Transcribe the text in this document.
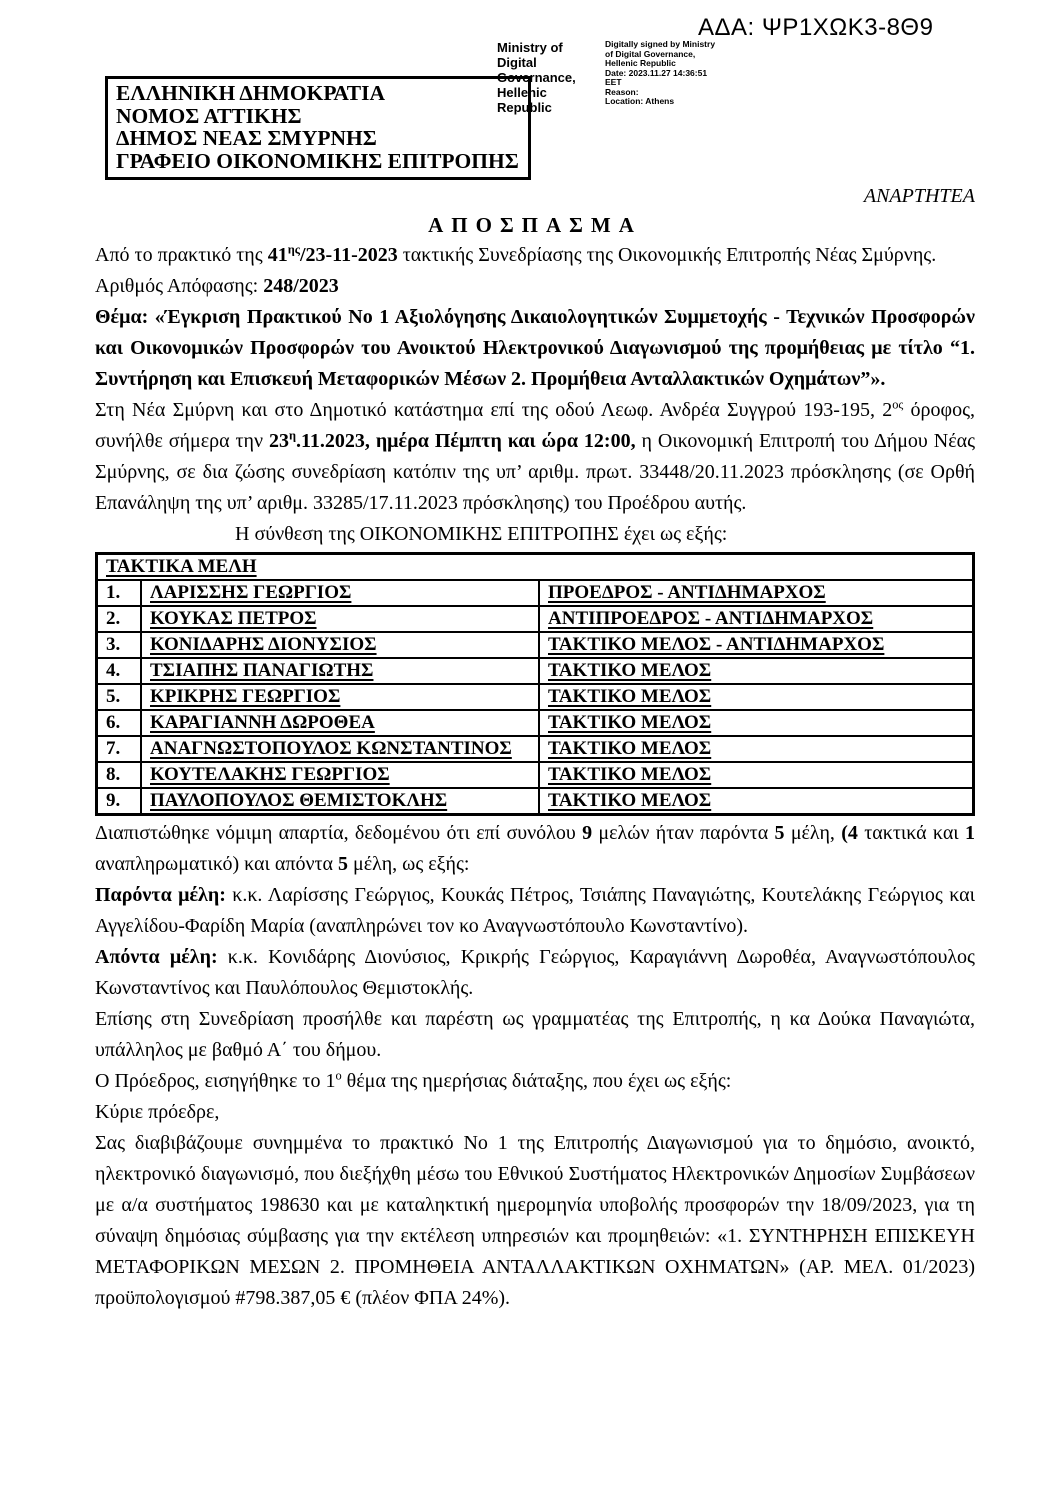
ΑΔΑ: ΨΡ1ΧΩΚ3-8Θ9
Ministry of Digital
Governance,
Hellenic Republic
Digitally signed by Ministry
of Digital Governance,
Hellenic Republic
Date: 2023.11.27 14:36:51
EET
Reason:
Location: Athens
ΕΛΛΗΝΙΚΗ ΔΗΜΟΚΡΑΤΙΑ
ΝΟΜΟΣ ΑΤΤΙΚΗΣ
ΔΗΜΟΣ ΝΕΑΣ ΣΜΥΡΝΗΣ
ΓΡΑΦΕΙΟ ΟΙΚΟΝΟΜΙΚΗΣ ΕΠΙΤΡΟΠΗΣ
ΑΝΑΡΤΗΤΕΑ
ΑΠΟΣΠΑΣΜΑ

Από το πρακτικό της $41^{\eta\varsigma}/23-11-2023$ τακτικής Συνεδρίασης της Οικονομικής Επιτροπής Νέας Σμύρνης.

Αριθμός Απόφασης: 248/2023

Θέμα: «Έγκριση Πρακτικού Νο 1 Αξιολόγησης Δικαιολογητικών Συμμετοχής - Τεχνικών Προσφορών και Οικονομικών Προσφορών του Ανοικτού Ηλεκτρονικού Διαγωνισμού της προμήθειας με τίτλο “1. Συντήρηση και Επισκευή Μεταφορικών Μέσων 2. Προμήθεια Ανταλλακτικών Οχημάτων”».

Στη Νέα Σμύρνη και στο Δημοτικό κατάστημα επί της οδού Λεωφ. Ανδρέα Συγγρού 193-195, $2^{o\varsigma}$ όροφος, συνήλθε σήμερα την $23^\eta.11.2023$, ημέρα Πέμπτη και ώρα 12:00, η Οικονομική Επιτροπή του Δήμου Νέας Σμύρνης, σε δια ζώσης συνεδρίαση κατόπιν της υπ’ αριθμ. πρωτ. 33448/20.11.2023 πρόσκλησης (σε Ορθή Επανάληψη της υπ’ αριθμ. 33285/17.11.2023 πρόσκλησης) του Προέδρου αυτής.

Η σύνθεση της ΟΙΚΟΝΟΜΙΚΗΣ ΕΠΙΤΡΟΠΗΣ έχει ως εξής:

ΤΑΚΤΙΚΑ ΜΕΛΗ		
1.	ΛΑΡΙΣΣΗΣ ΓΕΩΡΓΙΟΣ	ΠΡΟΕΔΡΟΣ - ΑΝΤΙΔΗΜΑΡΧΟΣ
2.	ΚΟΥΚΑΣ ΠΕΤΡΟΣ	ΑΝΤΙΠΡΟΕΔΡΟΣ - ΑΝΤΙΔΗΜΑΡΧΟΣ
3.	ΚΟΝΙΔΑΡΗΣ ΔΙΟΝΥΣΙΟΣ	ΤΑΚΤΙΚΟ ΜΕΛΟΣ - ΑΝΤΙΔΗΜΑΡΧΟΣ
4.	ΤΣΙΑΠΗΣ ΠΑΝΑΓΙΩΤΗΣ	ΤΑΚΤΙΚΟ ΜΕΛΟΣ
5.	ΚΡΙΚΡΗΣ ΓΕΩΡΓΙΟΣ	ΤΑΚΤΙΚΟ ΜΕΛΟΣ
6.	ΚΑΡΑΓΙΑΝΝΗ ΔΩΡΟΘΕΑ	ΤΑΚΤΙΚΟ ΜΕΛΟΣ
7.	ΑΝΑΓΝΩΣΤΟΠΟΥΛΟΣ ΚΩΝΣΤΑΝΤΙΝΟΣ	ΤΑΚΤΙΚΟ ΜΕΛΟΣ
8.	ΚΟΥΤΕΛΑΚΗΣ ΓΕΩΡΓΙΟΣ	ΤΑΚΤΙΚΟ ΜΕΛΟΣ
9.	ΠΑΥΛΟΠΟΥΛΟΣ ΘΕΜΙΣΤΟΚΛΗΣ	ΤΑΚΤΙΚΟ ΜΕΛΟΣ

Διαπιστώθηκε νόμιμη απαρτία, δεδομένου ότι επί συνόλου 9 μελών ήταν παρόντα 5 μέλη, (4 τακτικά και 1 αναπληρωματικό) και απόντα 5 μέλη, ως εξής:

Παρόντα μέλη: κ.κ. Λαρίσσης Γεώργιος, Κουκάς Πέτρος, Τσιάπης Παναγιώτης, Κουτελάκης Γεώργιος και Αγγελίδου-Φαρίδη Μαρία (αναπληρώνει τον κο Αναγνωστόπουλο Κωνσταντίνο).

Απόντα μέλη: κ.κ. Κονιδάρης Διονύσιος, Κρικρής Γεώργιος, Καραγιάννη Δωροθέα, Αναγνωστόπουλος Κωνσταντίνος και Παυλόπουλος Θεμιστοκλής.

Επίσης στη Συνεδρίαση προσήλθε και παρέστη ως γραμματέας της Επιτροπής, η κα Δούκα Παναγιώτα, υπάλληλος με βαθμό Α΄ του δήμου.

Ο Πρόεδρος, εισηγήθηκε το $1^o$ θέμα της ημερήσιας διάταξης, που έχει ως εξής:

Κύριε πρόεδρε,

Σας διαβιβάζουμε συνημμένα το πρακτικό Νο 1 της Επιτροπής Διαγωνισμού για το δημόσιο, ανοικτό, ηλεκτρονικό διαγωνισμό, που διεξήχθη μέσω του Εθνικού Συστήματος Ηλεκτρονικών Δημοσίων Συμβάσεων με α/α συστήματος 198630 και με καταληκτική ημερομηνία υποβολής προσφορών την 18/09/2023, για τη σύναψη δημόσιας σύμβασης για την εκτέλεση υπηρεσιών και προμηθειών: «1. ΣΥΝΤΗΡΗΣΗ ΕΠΙΣΚΕΥΗ ΜΕΤΑΦΟΡΙΚΩΝ ΜΕΣΩΝ 2. ΠΡΟΜΗΘΕΙΑ ΑΝΤΑΛΛΑΚΤΙΚΩΝ ΟΧΗΜΑΤΩΝ» (ΑΡ. ΜΕΛ. 01/2023) προϋπολογισμού #798.387,05 € (πλέον ΦΠΑ 24%).
